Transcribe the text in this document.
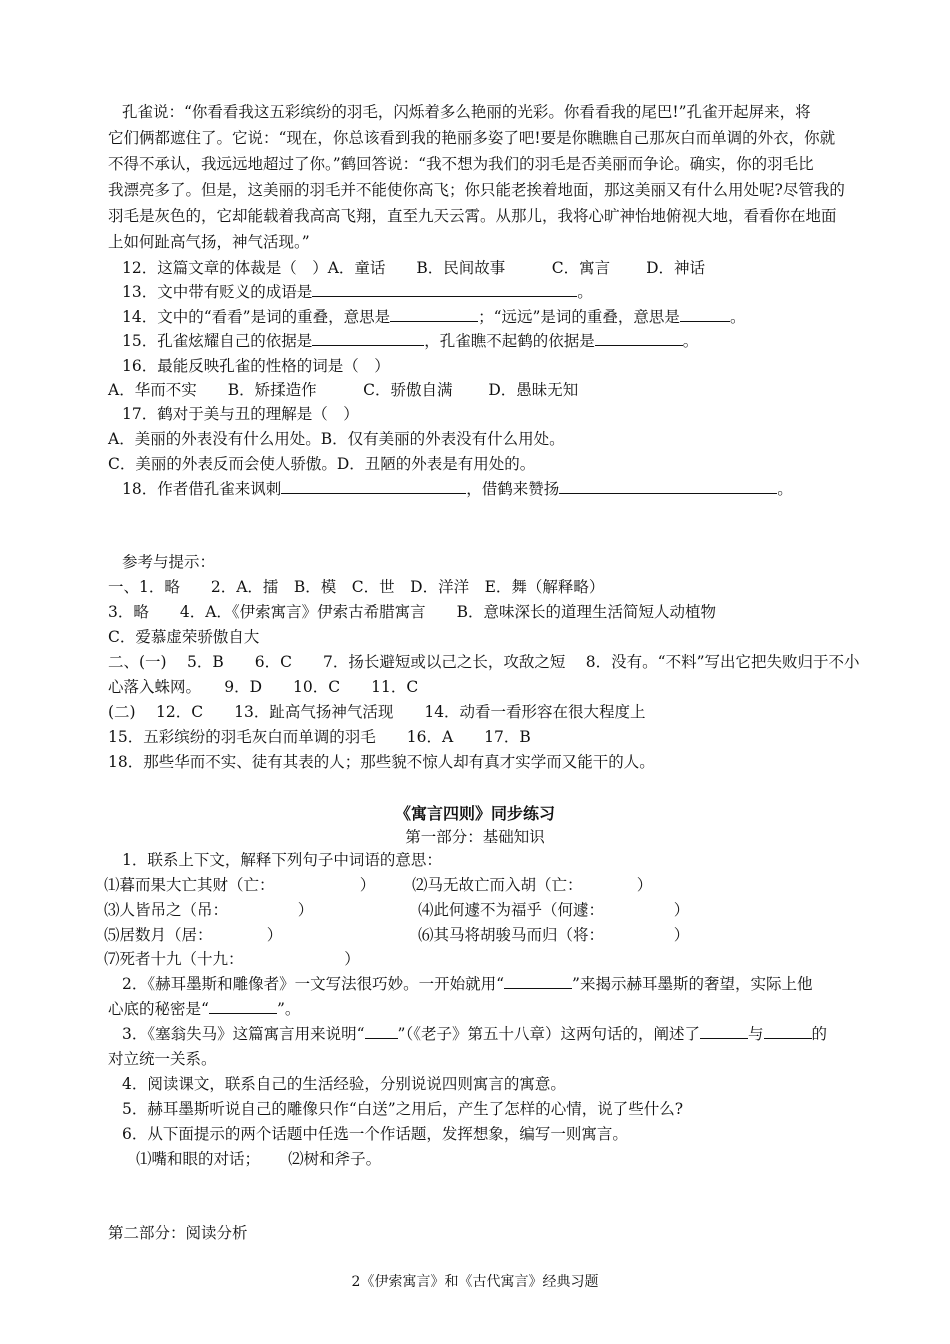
孔雀说：“你看看我这五彩缤纷的羽毛，闪烁着多么艳丽的光彩。你看看我的尾巴!”孔雀开起屏来，将
它们俩都遮住了。它说：“现在，你总该看到我的艳丽多姿了吧!要是你瞧瞧自己那灰白而单调的外衣，你就
不得不承认，我远远地超过了你。”鹤回答说：“我不想为我们的羽毛是否美丽而争论。确实，你的羽毛比
我漂亮多了。但是，这美丽的羽毛并不能使你高飞；你只能老挨着地面，那这美丽又有什么用处呢?尽管我的
羽毛是灰色的，它却能载着我高高飞翔，直至九天云霄。从那儿，我将心旷神怡地俯视大地，看看你在地面
上如何趾高气扬，神气活现。”
12．这篇文章的体裁是（　）A．童话　　B．民间故事　　　C．寓言　　 D．神话
13．文中带有贬义的成语是	。
14．文中的“看看”是词的重叠，意思是	；“远远”是词的重叠，意思是	。
15．孔雀炫耀自己的依据是	，孔雀瞧不起鹤的依据是	。
16．最能反映孔雀的性格的词是（　）
A．华而不实　　B．矫揉造作　　　C．骄傲自满　　 D．愚昧无知
17．鹤对于美与丑的理解是（　）
A．美丽的外表没有什么用处。B．仅有美丽的外表没有什么用处。
C．美丽的外表反而会使人骄傲。D．丑陋的外表是有用处的。
18．作者借孔雀来讽刺	，借鹤来赞扬	。
参考与提示：
一、1．略　　2．A．擂　B．模　C．世　D．洋洋　E．舞（解释略）
3．略　　4．A．《伊索寓言》伊索古希腊寓言　　B．意味深长的道理生活简短人动植物
C．爱慕虚荣骄傲自大
二、(一)　 5．B　　6．C　　7．扬长避短或以己之长，攻敌之短　 8．没有。“不料”写出它把失败归于不小
心落入蛛网。　　9．D　　10．C　　11．C
(二)　 12．C　　13．趾高气扬神气活现　　14．动看一看形容在很大程度上
15．五彩缤纷的羽毛灰白而单调的羽毛　　16．A　　17．B
18．那些华而不实、徒有其表的人；那些貌不惊人却有真才实学而又能干的人。
《寓言四则》同步练习
第一部分：基础知识
1．联系上下文，解释下列句子中词语的意思：
⑴暮而果大亡其财（亡：　　　　　　） ⑵马无故亡而入胡（亡：　　　　）
⑶人皆吊之（吊：　　　　　）	⑷此何遽不为福乎（何遽：　　　　　）
⑸居数月（居：　　　　）	⑹其马将胡骏马而归（将：　　　　　）
⑺死者十九（十九：　　　　　　　）
2．《赫耳墨斯和雕像者》一文写法很巧妙。一开始就用“	”来揭示赫耳墨斯的奢望，实际上他
心底的秘密是“	”。
3．《塞翁失马》这篇寓言用来说明“ ”（《老子》第五十八章）这两句话的，阐述了	与	的
对立统一关系。
4．阅读课文，联系自己的生活经验，分别说说四则寓言的寓意。
5．赫耳墨斯听说自己的雕像只作“白送”之用后，产生了怎样的心情，说了些什么?
6．从下面提示的两个话题中任选一个作话题，发挥想象，编写一则寓言。
⑴嘴和眼的对话；　　 ⑵树和斧子。
第二部分：阅读分析
2《伊索寓言》和《古代寓言》经典习题
